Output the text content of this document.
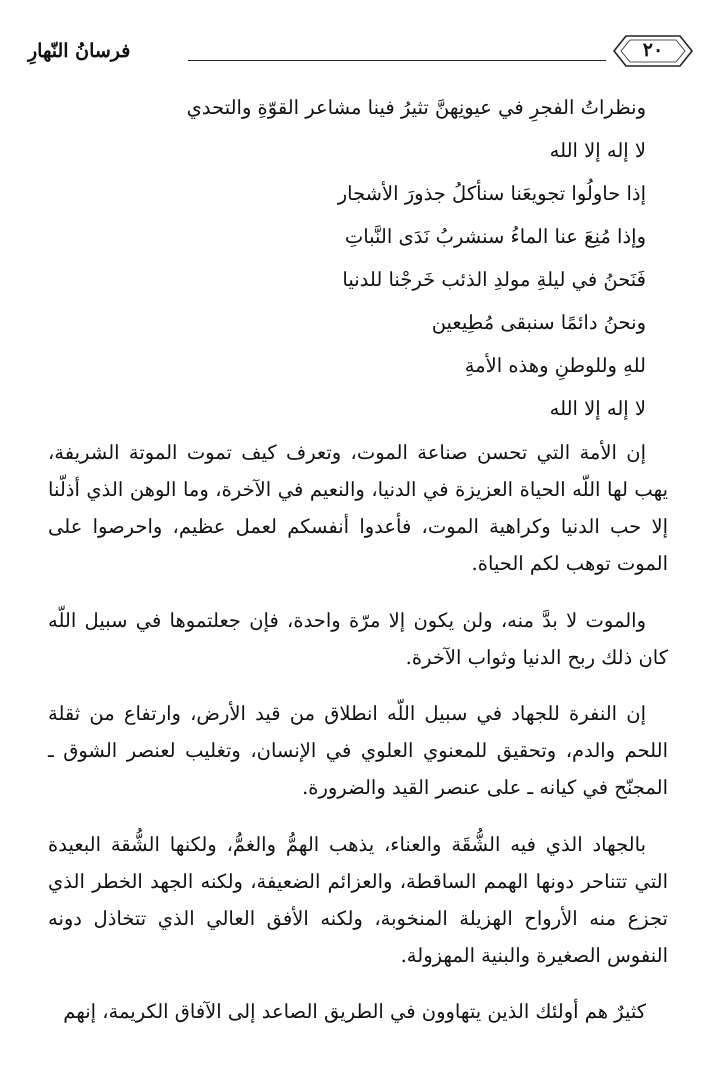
فرسانُ النّهارِ	٢٠
ونظراتُ الفجرِ في عيونِهنَّ تثيرُ فينا مشاعر القوّةِ والتحدي
لا إله إلا الله
إذا حاولُوا تجويعَنا سنأكلُ جذورَ الأشجار
وإذا مُنِعَ عنا الماءُ سنشربُ نَدَى النَّباتِ
فَنَحنُ في ليلةِ مولدِ الذئب خَرجْنا للدنيا
ونحنُ دائمًا سنبقى مُطِيعين
للهِ وللوطنِ وهذه الأمةِ
لا إله إلا الله

إن الأمة التي تحسن صناعة الموت، وتعرف كيف تموت الموتة الشريفة، يهب لها اللّه الحياة العزيزة في الدنيا، والنعيم في الآخرة، وما الوهن الذي أذلّنا إلا حب الدنيا وكراهية الموت، فأعدوا أنفسكم لعمل عظيم، واحرصوا على الموت توهب لكم الحياة.

والموت لا بدَّ منه، ولن يكون إلا مرّة واحدة، فإن جعلتموها في سبيل اللّه كان ذلك ربح الدنيا وثواب الآخرة.

إن النفرة للجهاد في سبيل اللّه انطلاق من قيد الأرض، وارتفاع من ثقلة اللحم والدم، وتحقيق للمعنوي العلوي في الإنسان، وتغليب لعنصر الشوق ـ المجنّح في كيانه ـ على عنصر القيد والضرورة.

بالجهاد الذي فيه الشُّقَة والعناء، يذهب الهمُّ والغمُّ، ولكنها الشُّقة البعيدة التي تتناحر دونها الهمم الساقطة، والعزائم الضعيفة، ولكنه الجهد الخطر الذي تجزع منه الأرواح الهزيلة المنخوبة، ولكنه الأفق العالي الذي تتخاذل دونه النفوس الصغيرة والبنية المهزولة.

كثيرٌ هم أولئك الذين يتهاوون في الطريق الصاعد إلى الآفاق الكريمة، إنهم
